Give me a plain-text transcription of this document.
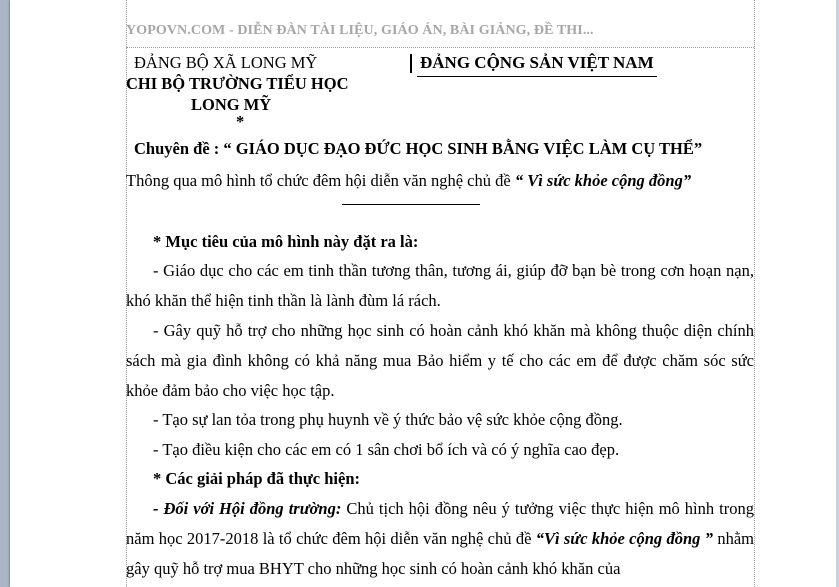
YOPOVN.COM - DIỄN ĐÀN TÀI LIỆU, GIÁO ÁN, BÀI GIẢNG, ĐỀ THI...
ĐẢNG BỘ XÃ LONG MỸ
CHI BỘ TRƯỜNG TIỂU HỌC
LONG MỸ
*
ĐẢNG CỘNG SẢN VIỆT NAM
Chuyên đề : “ GIÁO DỤC ĐẠO ĐỨC HỌC SINH BẰNG VIỆC LÀM CỤ THỂ”
Thông qua mô hình tổ chức đêm hội diễn văn nghệ chủ đề “ Vì sức khỏe cộng đồng”
* Mục tiêu của mô hình này đặt ra là:
- Giáo dục cho các em tinh thần tương thân, tương ái, giúp đỡ bạn bè trong cơn hoạn nạn, khó khăn thể hiện tinh thần là lành đùm lá rách.
- Gây quỹ hỗ trợ cho những học sinh có hoàn cảnh khó khăn mà không thuộc diện chính sách mà gia đình không có khả năng mua Bảo hiểm y tế cho các em để được chăm sóc sức khỏe đảm bảo cho việc học tập.
- Tạo sự lan tỏa trong phụ huynh về ý thức bảo vệ sức khỏe cộng đồng.
- Tạo điều kiện cho các em có 1 sân chơi bổ ích và có ý nghĩa cao đẹp.
* Các giải pháp đã thực hiện:
- Đối với Hội đồng trường: Chủ tịch hội đồng nêu ý tưởng việc thực hiện mô hình trong năm học 2017-2018 là tổ chức đêm hội diễn văn nghệ chủ đề “Vì sức khỏe cộng đồng ” nhằm gây quỹ hỗ trợ mua BHYT cho những học sinh có hoàn cảnh khó khăn của
